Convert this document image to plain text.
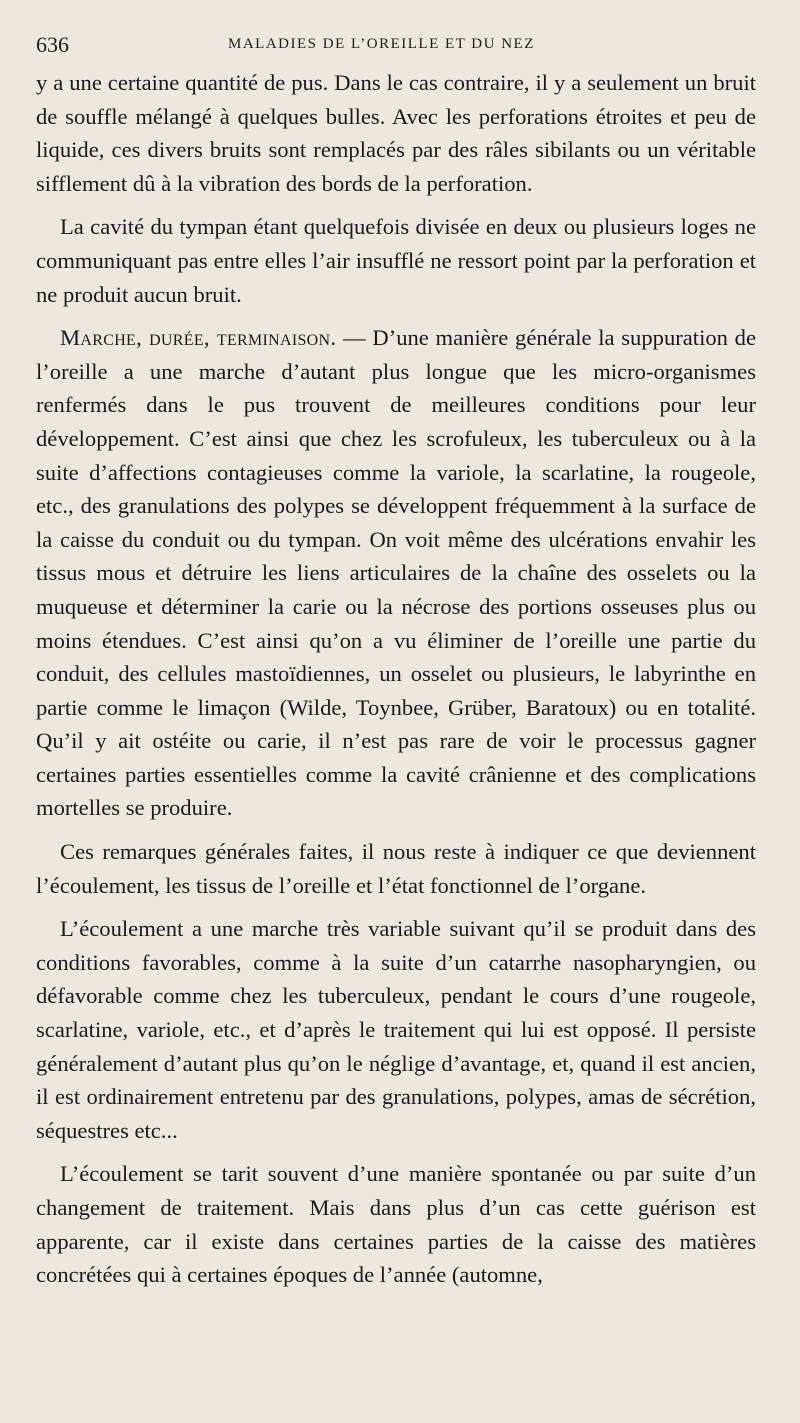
636	MALADIES DE L’OREILLE ET DU NEZ

y a une certaine quantité de pus. Dans le cas contraire, il y a seulement un bruit de souffle mélangé à quelques bulles. Avec les perforations étroites et peu de liquide, ces divers bruits sont remplacés par des râles sibilants ou un véritable sifflement dû à la vibration des bords de la perforation.

La cavité du tympan étant quelquefois divisée en deux ou plusieurs loges ne communiquant pas entre elles l’air insufflé ne ressort point par la perforation et ne produit aucun bruit.

Marche, durée, terminaison. — D’une manière générale la suppuration de l’oreille a une marche d’autant plus longue que les micro-organismes renfermés dans le pus trouvent de meilleures conditions pour leur développement. C’est ainsi que chez les scrofuleux, les tuberculeux ou à la suite d’affections contagieuses comme la variole, la scarlatine, la rougeole, etc., des granulations des polypes se développent fréquemment à la surface de la caisse du conduit ou du tympan. On voit même des ulcérations envahir les tissus mous et détruire les liens articulaires de la chaîne des osselets ou la muqueuse et déterminer la carie ou la nécrose des portions osseuses plus ou moins étendues. C’est ainsi qu’on a vu éliminer de l’oreille une partie du conduit, des cellules mastoïdiennes, un osselet ou plusieurs, le labyrinthe en partie comme le limaçon (Wilde, Toynbee, Grüber, Baratoux) ou en totalité. Qu’il y ait ostéite ou carie, il n’est pas rare de voir le processus gagner certaines parties essentielles comme la cavité crânienne et des complications mortelles se produire.

Ces remarques générales faites, il nous reste à indiquer ce que deviennent l’écoulement, les tissus de l’oreille et l’état fonctionnel de l’organe.

L’écoulement a une marche très variable suivant qu’il se produit dans des conditions favorables, comme à la suite d’un catarrhe nasopharyngien, ou défavorable comme chez les tuberculeux, pendant le cours d’une rougeole, scarlatine, variole, etc., et d’après le traitement qui lui est opposé. Il persiste généralement d’autant plus qu’on le néglige d’avantage, et, quand il est ancien, il est ordinairement entretenu par des granulations, polypes, amas de sécrétion, séquestres etc...

L’écoulement se tarit souvent d’une manière spontanée ou par suite d’un changement de traitement. Mais dans plus d’un cas cette guérison est apparente, car il existe dans certaines parties de la caisse des matières concrétées qui à certaines époques de l’année (automne,
